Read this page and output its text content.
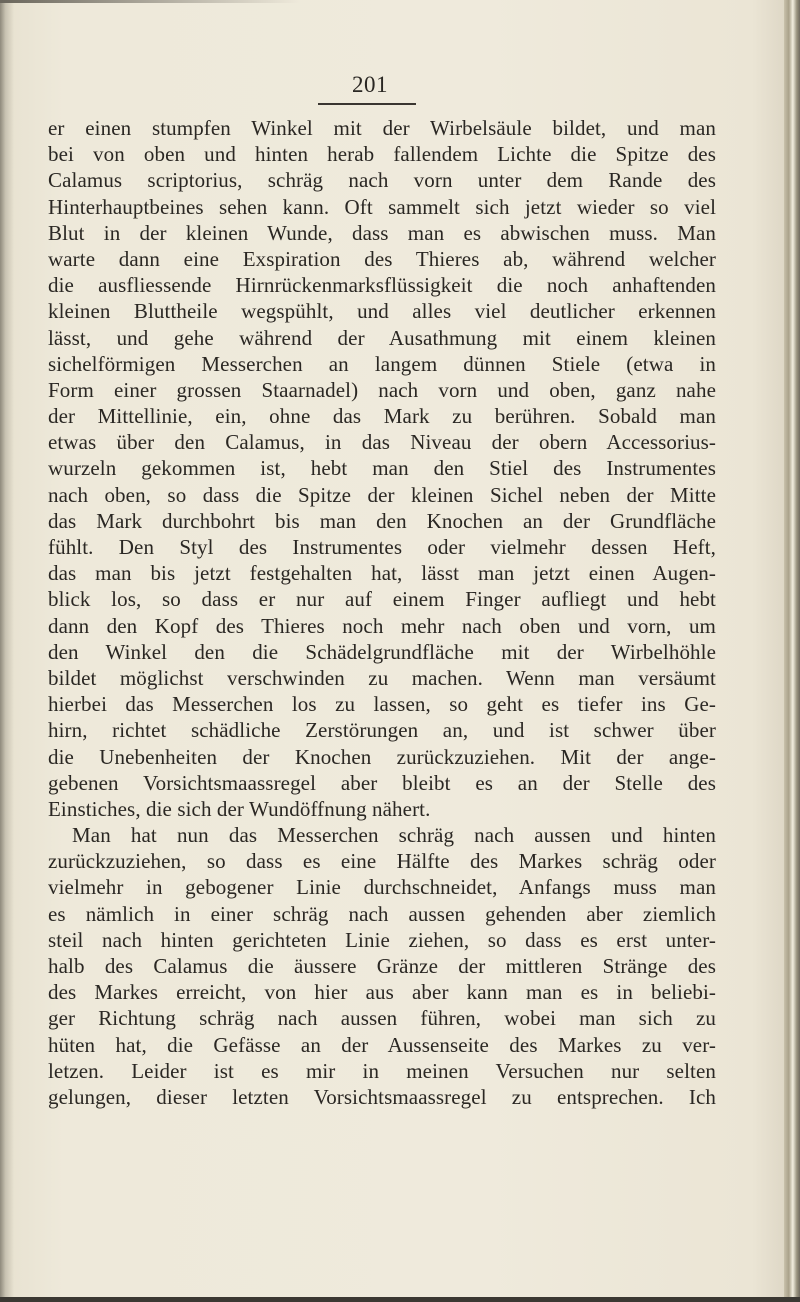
201
er einen stumpfen Winkel mit der Wirbelsäule bildet, und man
bei von oben und hinten herab fallendem Lichte die Spitze des
Calamus scriptorius, schräg nach vorn unter dem Rande des
Hinterhauptbeines sehen kann. Oft sammelt sich jetzt wieder so viel
Blut in der kleinen Wunde, dass man es abwischen muss. Man
warte dann eine Exspiration des Thieres ab, während welcher
die ausfliessende Hirnrückenmarksflüssigkeit die noch anhaftenden
kleinen Bluttheile wegspühlt, und alles viel deutlicher erkennen
lässt, und gehe während der Ausathmung mit einem kleinen
sichelförmigen Messerchen an langem dünnen Stiele (etwa in
Form einer grossen Staarnadel) nach vorn und oben, ganz nahe
der Mittellinie, ein, ohne das Mark zu berühren. Sobald man
etwas über den Calamus, in das Niveau der obern Accessorius-
wurzeln gekommen ist, hebt man den Stiel des Instrumentes
nach oben, so dass die Spitze der kleinen Sichel neben der Mitte
das Mark durchbohrt bis man den Knochen an der Grundfläche
fühlt. Den Styl des Instrumentes oder vielmehr dessen Heft,
das man bis jetzt festgehalten hat, lässt man jetzt einen Augen-
blick los, so dass er nur auf einem Finger aufliegt und hebt
dann den Kopf des Thieres noch mehr nach oben und vorn, um
den Winkel den die Schädelgrundfläche mit der Wirbelhöhle
bildet möglichst verschwinden zu machen. Wenn man versäumt
hierbei das Messerchen los zu lassen, so geht es tiefer ins Ge-
hirn, richtet schädliche Zerstörungen an, und ist schwer über
die Unebenheiten der Knochen zurückzuziehen. Mit der ange-
gebenen Vorsichtsmaassregel aber bleibt es an der Stelle des
Einstiches, die sich der Wundöffnung nähert.
Man hat nun das Messerchen schräg nach aussen und hinten
zurückzuziehen, so dass es eine Hälfte des Markes schräg oder
vielmehr in gebogener Linie durchschneidet, Anfangs muss man
es nämlich in einer schräg nach aussen gehenden aber ziemlich
steil nach hinten gerichteten Linie ziehen, so dass es erst unter-
halb des Calamus die äussere Gränze der mittleren Stränge des
des Markes erreicht, von hier aus aber kann man es in beliebi-
ger Richtung schräg nach aussen führen, wobei man sich zu
hüten hat, die Gefässe an der Aussenseite des Markes zu ver-
letzen. Leider ist es mir in meinen Versuchen nur selten
gelungen, dieser letzten Vorsichtsmaassregel zu entsprechen. Ich
